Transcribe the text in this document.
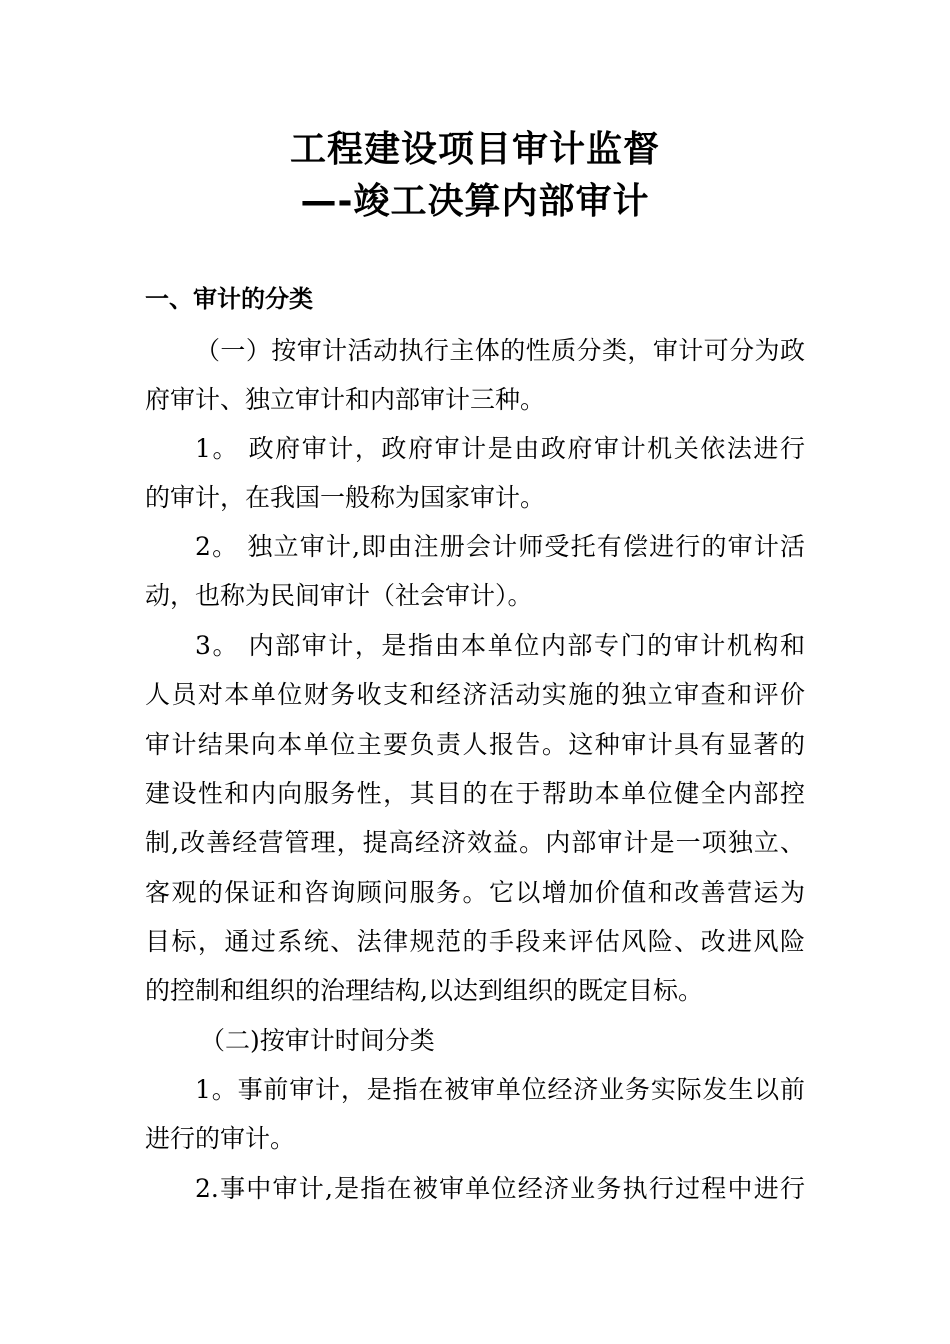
工程建设项目审计监督
—-竣工决算内部审计
一、审计的分类
（一）按审计活动执行主体的性质分类，审计可分为政
府审计、独立审计和内部审计三种。
1。 政府审计，政府审计是由政府审计机关依法进行
的审计，在我国一般称为国家审计。
2。 独立审计,即由注册会计师受托有偿进行的审计活
动，也称为民间审计（社会审计）。
3。 内部审计，是指由本单位内部专门的审计机构和
人员对本单位财务收支和经济活动实施的独立审查和评价
审计结果向本单位主要负责人报告。这种审计具有显著的
建设性和内向服务性，其目的在于帮助本单位健全内部控
制,改善经营管理，提高经济效益。内部审计是一项独立、
客观的保证和咨询顾问服务。它以增加价值和改善营运为
目标，通过系统、法律规范的手段来评估风险、改进风险
的控制和组织的治理结构,以达到组织的既定目标。
（二)按审计时间分类
1。事前审计，是指在被审单位经济业务实际发生以前
进行的审计。
2.事中审计,是指在被审单位经济业务执行过程中进行
